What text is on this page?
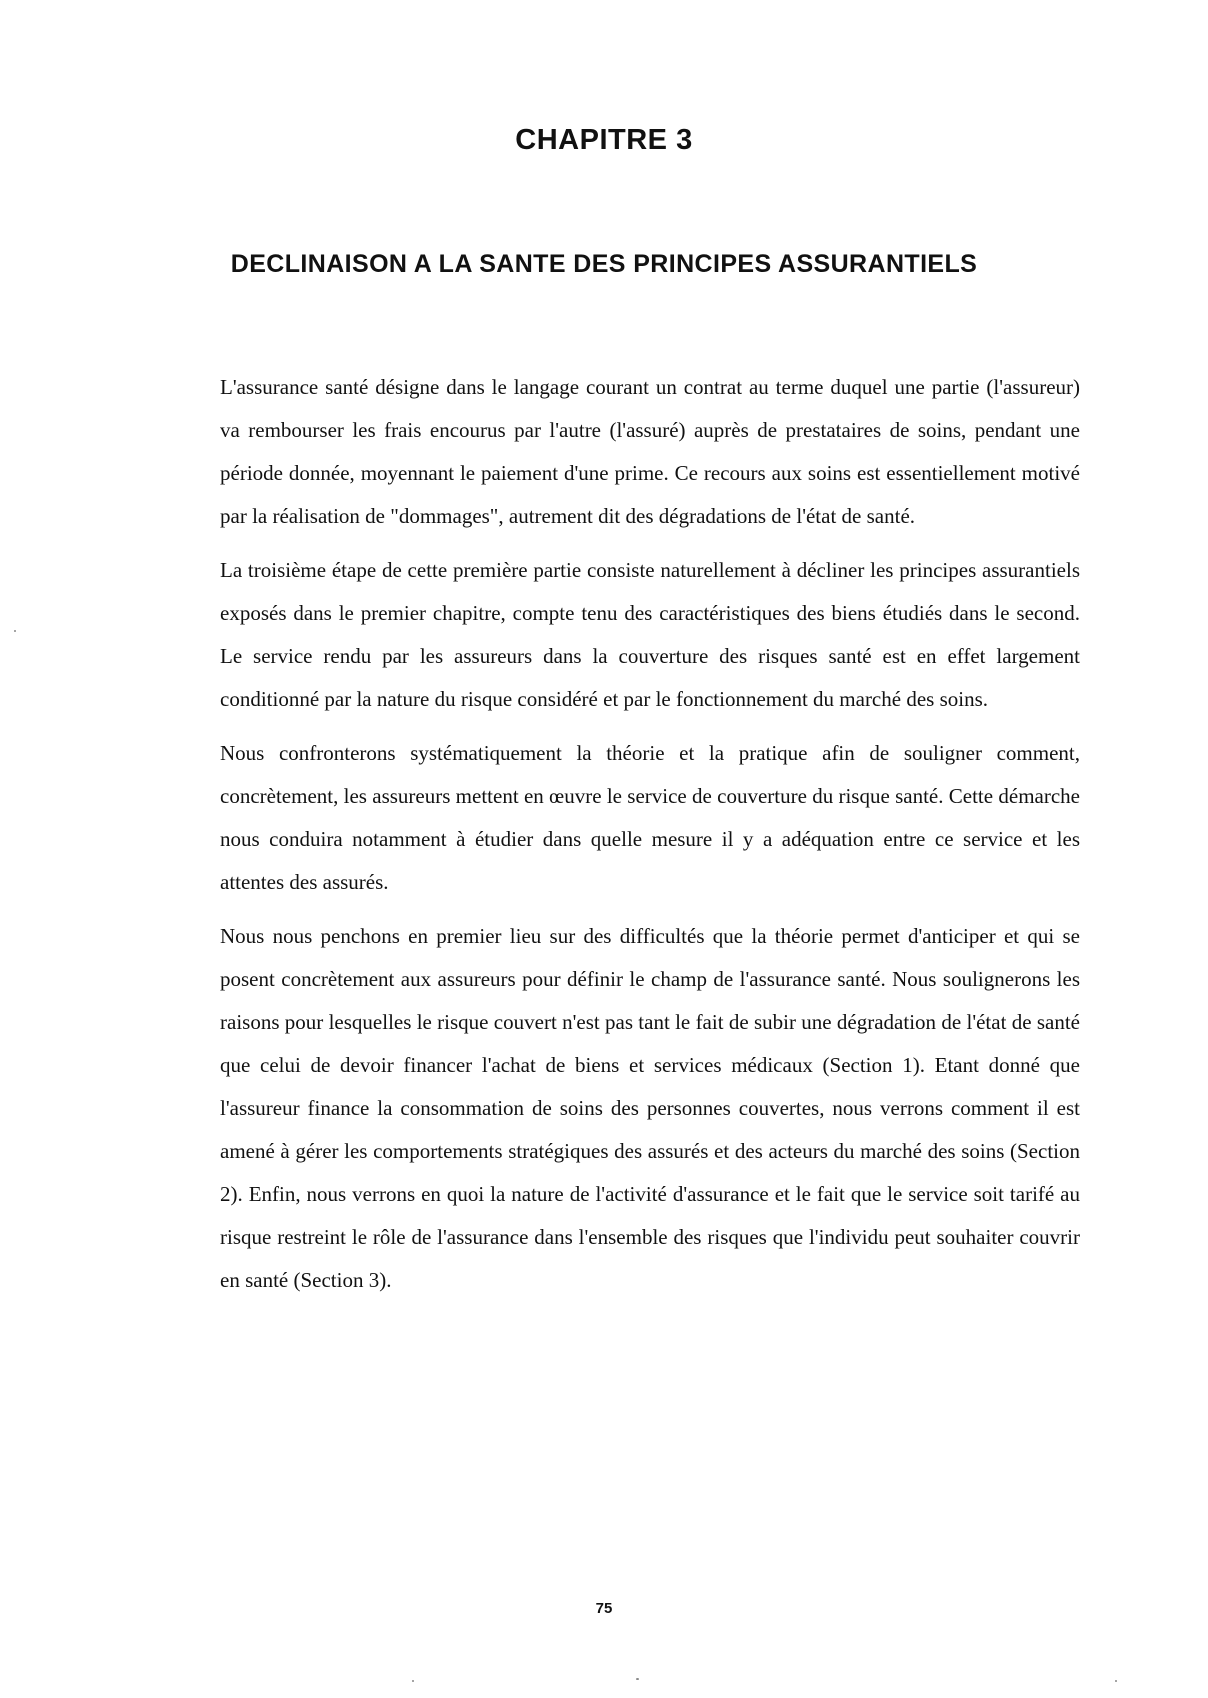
CHAPITRE 3
DECLINAISON A LA SANTE DES PRINCIPES ASSURANTIELS

L'assurance santé désigne dans le langage courant un contrat au terme duquel une partie (l'assureur) va rembourser les frais encourus par l'autre (l'assuré) auprès de prestataires de soins, pendant une période donnée, moyennant le paiement d'une prime. Ce recours aux soins est essentiellement motivé par la réalisation de "dommages", autrement dit des dégradations de l'état de santé.

La troisième étape de cette première partie consiste naturellement à décliner les principes assurantiels exposés dans le premier chapitre, compte tenu des caractéristiques des biens étudiés dans le second. Le service rendu par les assureurs dans la couverture des risques santé est en effet largement conditionné par la nature du risque considéré et par le fonctionnement du marché des soins.

Nous confronterons systématiquement la théorie et la pratique afin de souligner comment, concrètement, les assureurs mettent en œuvre le service de couverture du risque santé. Cette démarche nous conduira notamment à étudier dans quelle mesure il y a adéquation entre ce service et les attentes des assurés.

Nous nous penchons en premier lieu sur des difficultés que la théorie permet d'anticiper et qui se posent concrètement aux assureurs pour définir le champ de l'assurance santé. Nous soulignerons les raisons pour lesquelles le risque couvert n'est pas tant le fait de subir une dégradation de l'état de santé que celui de devoir financer l'achat de biens et services médicaux (Section 1). Etant donné que l'assureur finance la consommation de soins des personnes couvertes, nous verrons comment il est amené à gérer les comportements stratégiques des assurés et des acteurs du marché des soins (Section 2). Enfin, nous verrons en quoi la nature de l'activité d'assurance et le fait que le service soit tarifé au risque restreint le rôle de l'assurance dans l'ensemble des risques que l'individu peut souhaiter couvrir en santé (Section 3).

75
